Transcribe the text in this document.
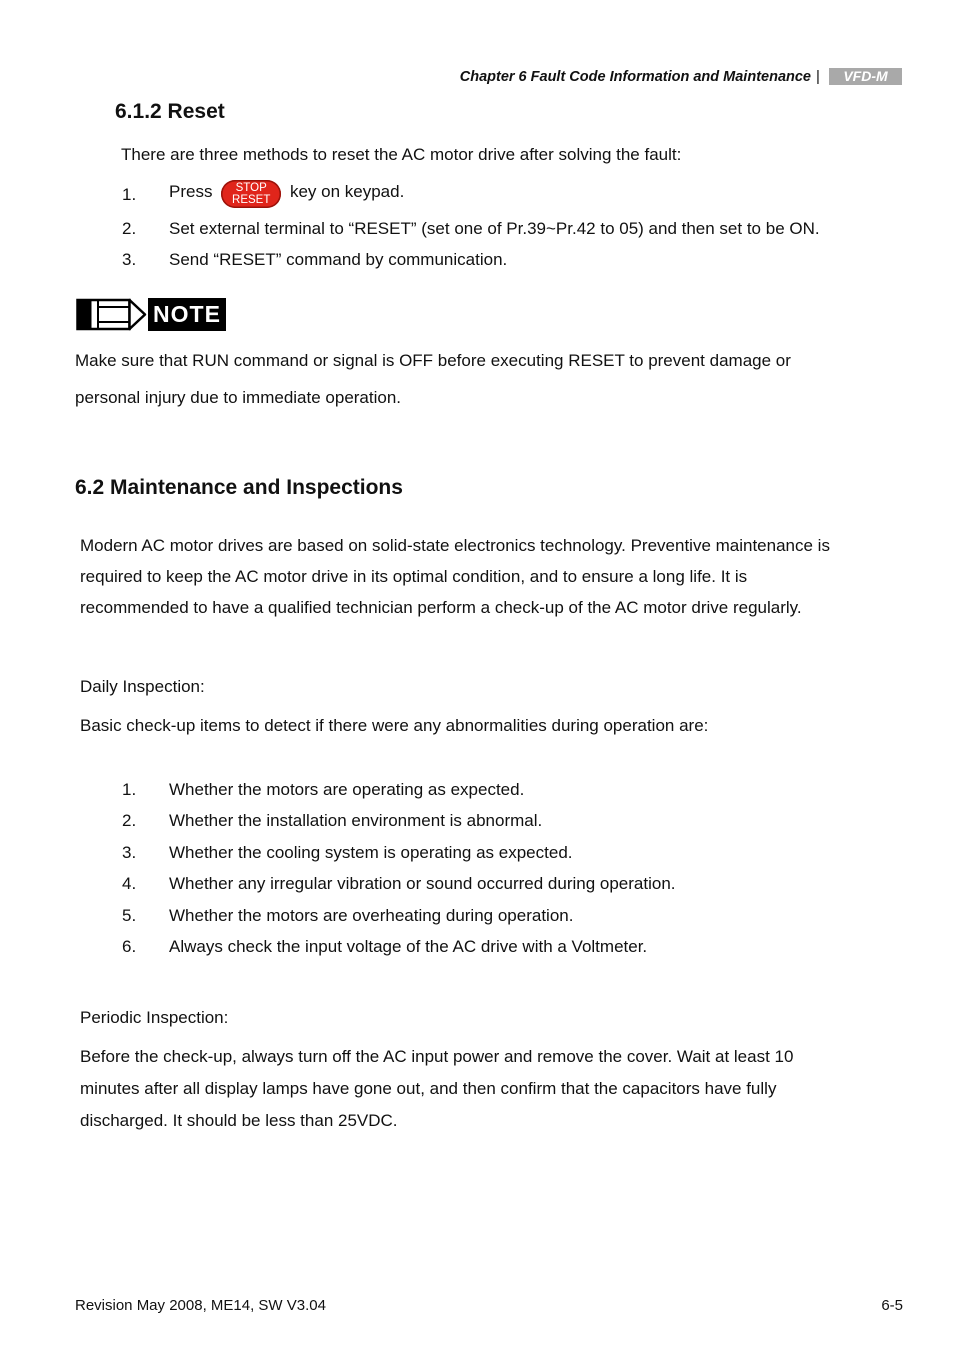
Chapter 6 Fault Code Information and Maintenance |	VFD-M
6.1.2 Reset
There are three methods to reset the AC motor drive after solving the fault:
1. Press	STOP
RESET	key on keypad.
2. Set external terminal to “RESET” (set one of Pr.39~Pr.42 to 05) and then set to be ON.
3. Send “RESET” command by communication.
NOTE
Make sure that RUN command or signal is OFF before executing RESET to prevent damage or
personal injury due to immediate operation.
6.2 Maintenance and Inspections
Modern AC motor drives are based on solid-state electronics technology. Preventive maintenance is
required to keep the AC motor drive in its optimal condition, and to ensure a long life. It is
recommended to have a qualified technician perform a check-up of the AC motor drive regularly.
Daily Inspection:
Basic check-up items to detect if there were any abnormalities during operation are:
1. Whether the motors are operating as expected.
2. Whether the installation environment is abnormal.
3. Whether the cooling system is operating as expected.
4. Whether any irregular vibration or sound occurred during operation.
5. Whether the motors are overheating during operation.
6. Always check the input voltage of the AC drive with a Voltmeter.
Periodic Inspection:
Before the check-up, always turn off the AC input power and remove the cover. Wait at least 10
minutes after all display lamps have gone out, and then confirm that the capacitors have fully
discharged. It should be less than 25VDC.
Revision May 2008, ME14, SW V3.04	6-5
